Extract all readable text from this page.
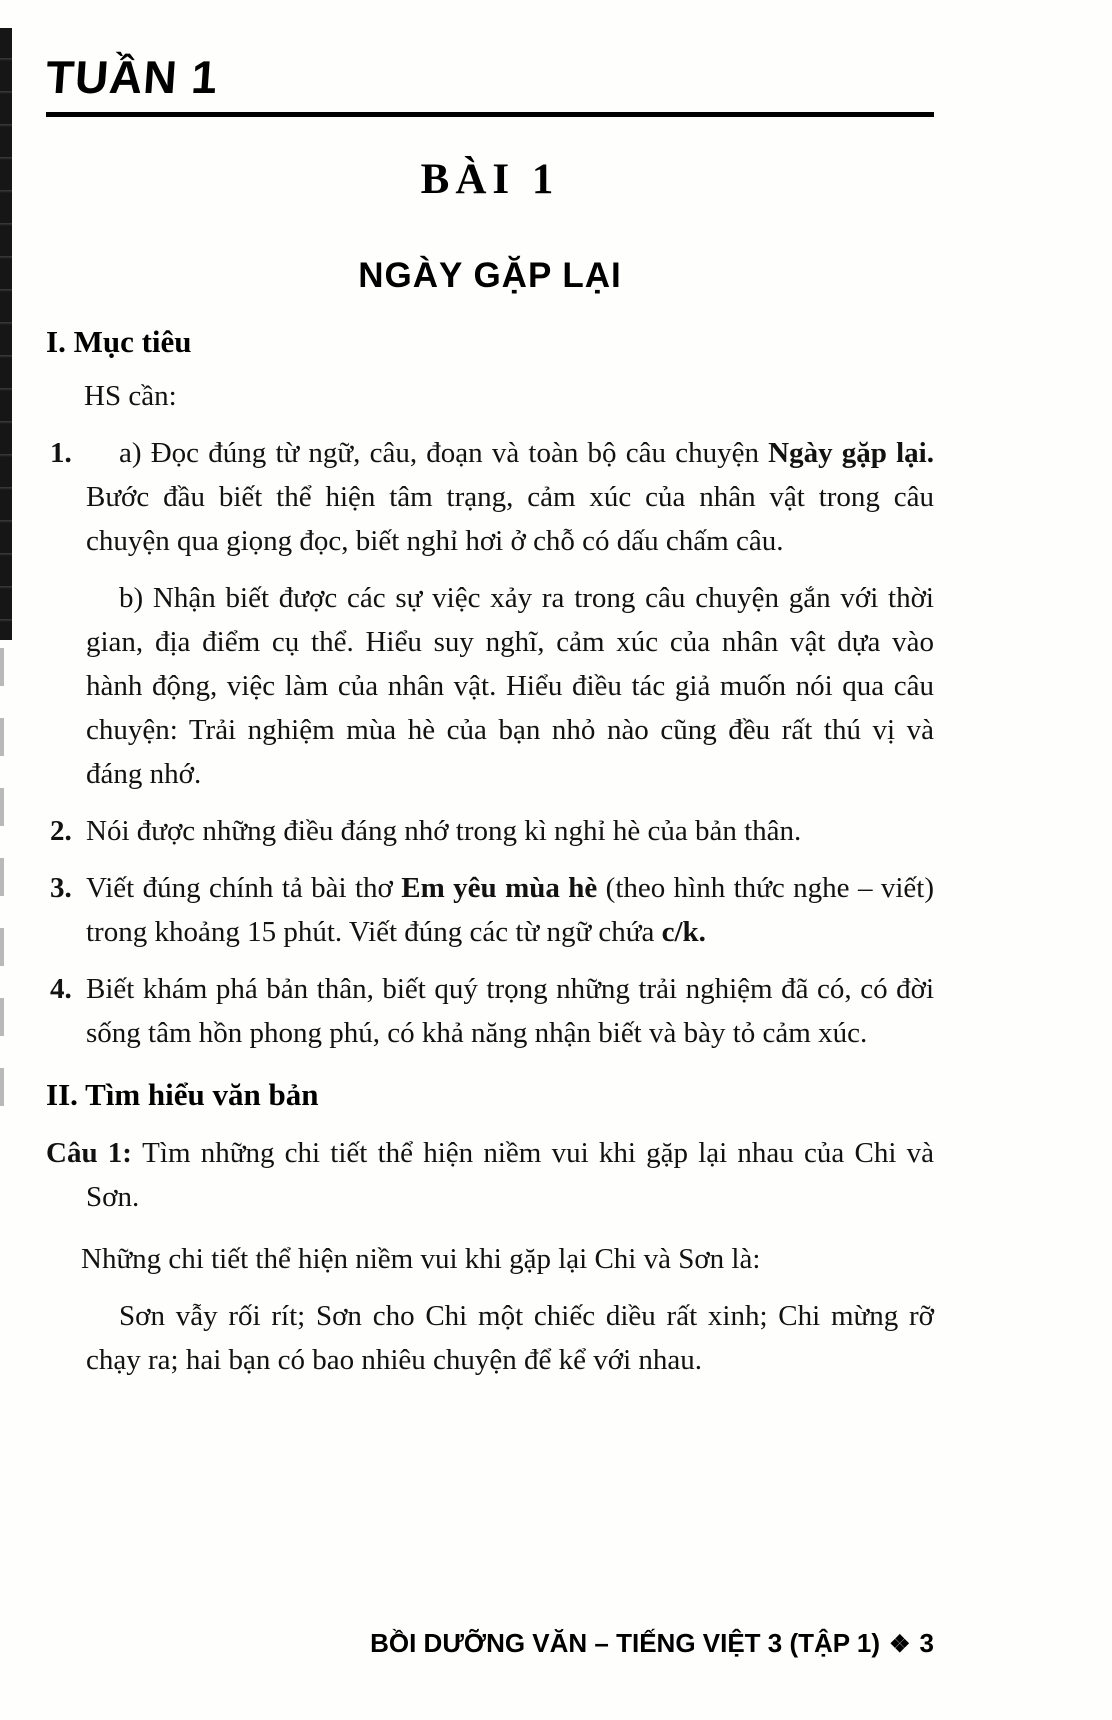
TUẦN 1
BÀI 1
NGÀY GẶP LẠI
I. Mục tiêu

HS cần:

1. a) Đọc đúng từ ngữ, câu, đoạn và toàn bộ câu chuyện Ngày gặp lại. Bước đầu biết thể hiện tâm trạng, cảm xúc của nhân vật trong câu chuyện qua giọng đọc, biết nghỉ hơi ở chỗ có dấu chấm câu.

b) Nhận biết được các sự việc xảy ra trong câu chuyện gắn với thời gian, địa điểm cụ thể. Hiểu suy nghĩ, cảm xúc của nhân vật dựa vào hành động, việc làm của nhân vật. Hiểu điều tác giả muốn nói qua câu chuyện: Trải nghiệm mùa hè của bạn nhỏ nào cũng đều rất thú vị và đáng nhớ.

2. Nói được những điều đáng nhớ trong kì nghỉ hè của bản thân.

3. Viết đúng chính tả bài thơ Em yêu mùa hè (theo hình thức nghe – viết) trong khoảng 15 phút. Viết đúng các từ ngữ chứa c/k.

4. Biết khám phá bản thân, biết quý trọng những trải nghiệm đã có, có đời sống tâm hồn phong phú, có khả năng nhận biết và bày tỏ cảm xúc.

II. Tìm hiểu văn bản

Câu 1: Tìm những chi tiết thể hiện niềm vui khi gặp lại nhau của Chi và Sơn.

Những chi tiết thể hiện niềm vui khi gặp lại Chi và Sơn là:

Sơn vẫy rối rít; Sơn cho Chi một chiếc diều rất xinh; Chi mừng rỡ chạy ra; hai bạn có bao nhiêu chuyện để kể với nhau.

BỒI DƯỠNG VĂN – TIẾNG VIỆT 3 (TẬP 1) ❖ 3
